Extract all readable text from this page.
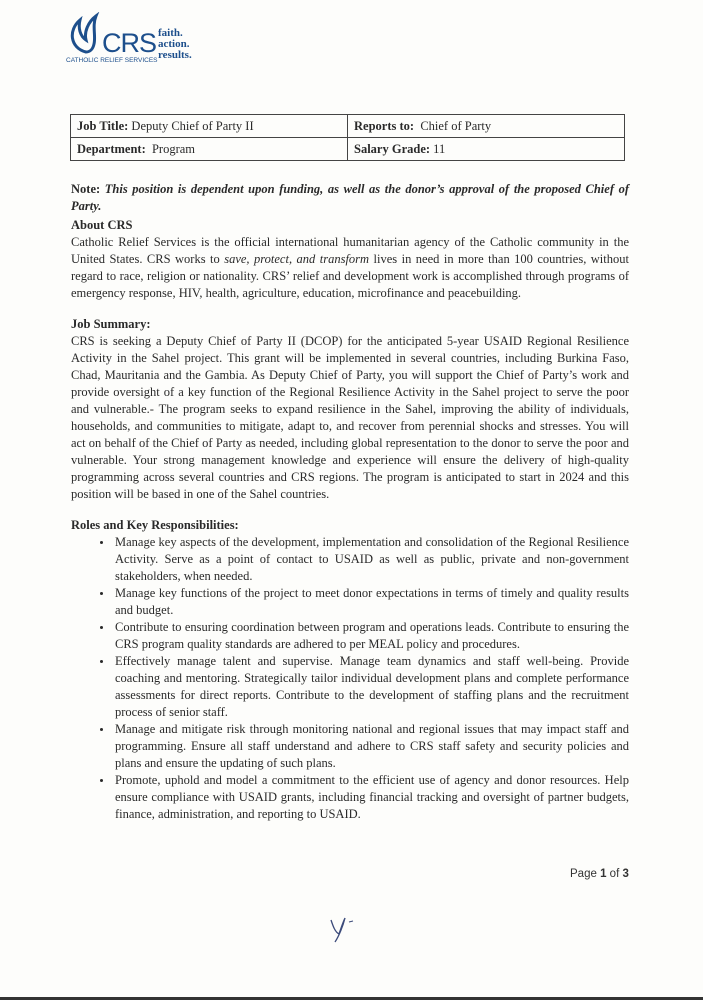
CRS faith.
action.
results.
CATHOLIC RELIEF SERVICES
Job Title: Deputy Chief of Party II	Reports to: Chief of Party
Department: Program	Salary Grade: 11

Note: This position is dependent upon funding, as well as the donor’s approval of the proposed Chief of Party.

About CRS

Catholic Relief Services is the official international humanitarian agency of the Catholic community in the United States. CRS works to save, protect, and transform lives in need in more than 100 countries, without regard to race, religion or nationality. CRS’ relief and development work is accomplished through programs of emergency response, HIV, health, agriculture, education, microfinance and peacebuilding.

Job Summary:

CRS is seeking a Deputy Chief of Party II (DCOP) for the anticipated 5-year USAID Regional Resilience Activity in the Sahel project. This grant will be implemented in several countries, including Burkina Faso, Chad, Mauritania and the Gambia. As Deputy Chief of Party, you will support the Chief of Party’s work and provide oversight of a key function of the Regional Resilience Activity in the Sahel project to serve the poor and vulnerable.- The program seeks to expand resilience in the Sahel, improving the ability of individuals, households, and communities to mitigate, adapt to, and recover from perennial shocks and stresses. You will act on behalf of the Chief of Party as needed, including global representation to the donor to serve the poor and vulnerable. Your strong management knowledge and experience will ensure the delivery of high-quality programming across several countries and CRS regions. The program is anticipated to start in 2024 and this position will be based in one of the Sahel countries.

Roles and Key Responsibilities:
• Manage key aspects of the development, implementation and consolidation of the Regional Resilience Activity. Serve as a point of contact to USAID as well as public, private and non-government stakeholders, when needed.
• Manage key functions of the project to meet donor expectations in terms of timely and quality results and budget.
• Contribute to ensuring coordination between program and operations leads. Contribute to ensuring the CRS program quality standards are adhered to per MEAL policy and procedures.
• Effectively manage talent and supervise. Manage team dynamics and staff well-being. Provide coaching and mentoring. Strategically tailor individual development plans and complete performance assessments for direct reports. Contribute to the development of staffing plans and the recruitment process of senior staff.
• Manage and mitigate risk through monitoring national and regional issues that may impact staff and programming. Ensure all staff understand and adhere to CRS staff safety and security policies and plans and ensure the updating of such plans.
• Promote, uphold and model a commitment to the efficient use of agency and donor resources. Help ensure compliance with USAID grants, including financial tracking and oversight of partner budgets, finance, administration, and reporting to USAID.
Page 1 of 3
